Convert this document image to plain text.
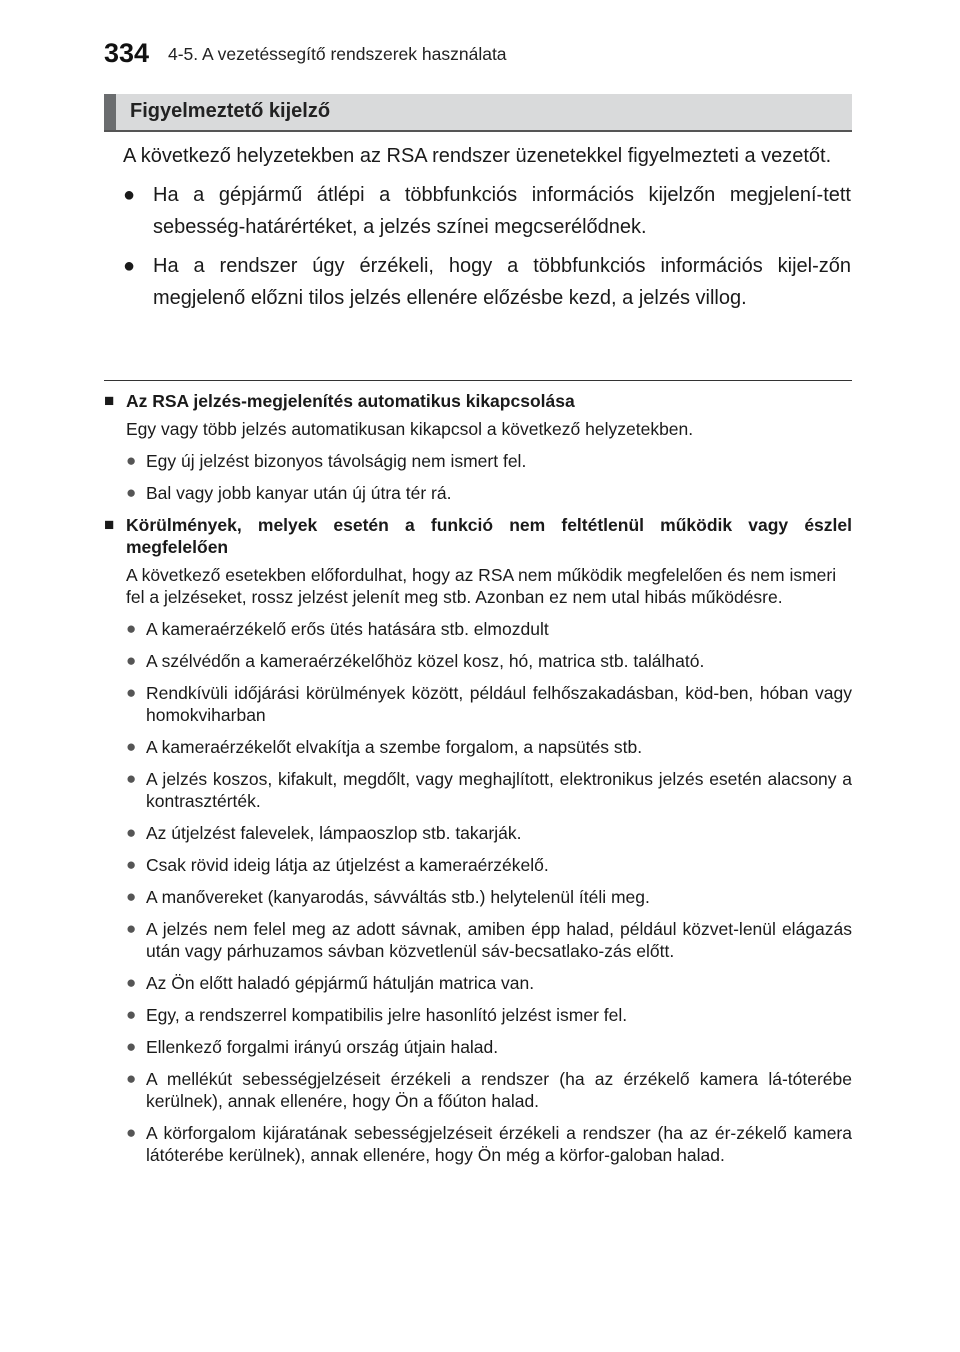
334 4-5. A vezetéssegítő rendszerek használata
Figyelmeztető kijelző

A következő helyzetekben az RSA rendszer üzenetekkel figyelmezteti a vezetőt.

● Ha a gépjármű átlépi a többfunkciós információs kijelzőn megjelení-tett sebesség-határértéket, a jelzés színei megcserélődnek.
● Ha a rendszer úgy érzékeli, hogy a többfunkciós információs kijel-zőn megjelenő előzni tilos jelzés ellenére előzésbe kezd, a jelzés villog.
■ Az RSA jelzés-megjelenítés automatikus kikapcsolása

Egy vagy több jelzés automatikusan kikapcsol a következő helyzetekben.

● Egy új jelzést bizonyos távolságig nem ismert fel.
● Bal vagy jobb kanyar után új útra tér rá.
■ Körülmények, melyek esetén a funkció nem feltétlenül működik vagy észlel megfelelően

A következő esetekben előfordulhat, hogy az RSA nem működik megfelelően és nem ismeri fel a jelzéseket, rossz jelzést jelenít meg stb. Azonban ez nem utal hibás működésre.

● A kameraérzékelő erős ütés hatására stb. elmozdult
● A szélvédőn a kameraérzékelőhöz közel kosz, hó, matrica stb. található.
● Rendkívüli időjárási körülmények között, például felhőszakadásban, köd-ben, hóban vagy homokviharban
● A kameraérzékelőt elvakítja a szembe forgalom, a napsütés stb.
● A jelzés koszos, kifakult, megdőlt, vagy meghajlított, elektronikus jelzés esetén alacsony a kontrasztérték.
● Az útjelzést falevelek, lámpaoszlop stb. takarják.
● Csak rövid ideig látja az útjelzést a kameraérzékelő.
● A manővereket (kanyarodás, sávváltás stb.) helytelenül ítéli meg.
● A jelzés nem felel meg az adott sávnak, amiben épp halad, például közvet-lenül elágazás után vagy párhuzamos sávban közvetlenül sáv-becsatlako-zás előtt.
● Az Ön előtt haladó gépjármű hátulján matrica van.
● Egy, a rendszerrel kompatibilis jelre hasonlító jelzést ismer fel.
● Ellenkező forgalmi irányú ország útjain halad.
● A mellékút sebességjelzéseit érzékeli a rendszer (ha az érzékelő kamera lá-tóterébe kerülnek), annak ellenére, hogy Ön a főúton halad.
● A körforgalom kijáratának sebességjelzéseit érzékeli a rendszer (ha az ér-zékelő kamera látóterébe kerülnek), annak ellenére, hogy Ön még a körfor-galoban halad.
